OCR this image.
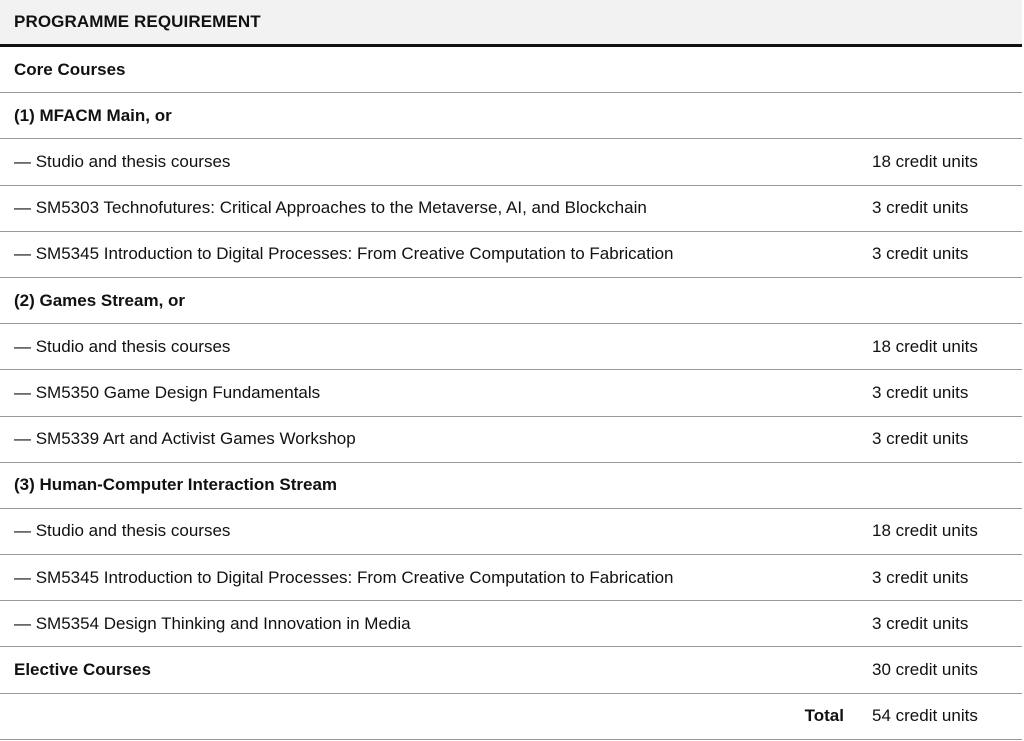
PROGRAMME REQUIREMENT
Core Courses
(1) MFACM Main, or
— Studio and thesis courses	18 credit units
— SM5303 Technofutures: Critical Approaches to the Metaverse, AI, and Blockchain	3 credit units
— SM5345 Introduction to Digital Processes: From Creative Computation to Fabrication	3 credit units
(2) Games Stream, or
— Studio and thesis courses	18 credit units
— SM5350 Game Design Fundamentals	3 credit units
— SM5339 Art and Activist Games Workshop	3 credit units
(3) Human-Computer Interaction Stream
— Studio and thesis courses	18 credit units
— SM5345 Introduction to Digital Processes: From Creative Computation to Fabrication	3 credit units
— SM5354 Design Thinking and Innovation in Media	3 credit units
Elective Courses	30 credit units
Total 54 credit units
